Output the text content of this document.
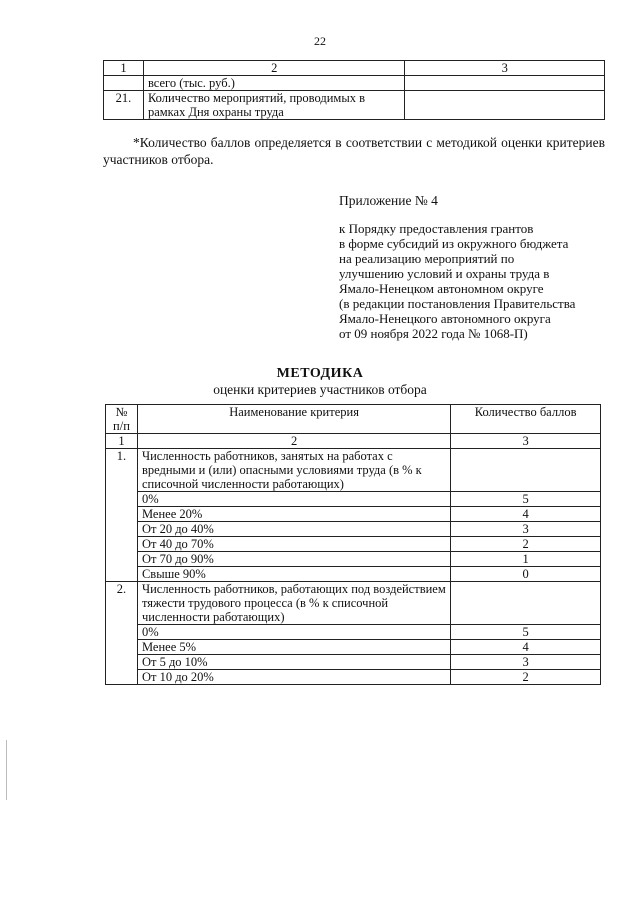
22
1	2	3
	всего (тыс. руб.)	
21.	Количество мероприятий, проводимых в рамках Дня охраны труда	
*Количество баллов определяется в соответствии с методикой оценки критериев участников отбора.
Приложение № 4
к Порядку предоставления грантов
в форме субсидий из окружного бюджета
на реализацию мероприятий по
улучшению условий и охраны труда в
Ямало-Ненецком автономном округе
(в редакции постановления Правительства
Ямало-Ненецкого автономного округа
от 09 ноября 2022 года № 1068-П)
МЕТОДИКА
оценки критериев участников отбора
№ п/п	Наименование критерия	Количество баллов
1	2	3
1.	Численность работников, занятых на работах с вредными и (или) опасными условиями труда (в % к списочной численности работающих)	
	0%	5
	Менее 20%	4
	От 20 до 40%	3
	От 40 до 70%	2
	От 70 до 90%	1
	Свыше 90%	0
2.	Численность работников, работающих под воздействием тяжести трудового процесса (в % к списочной численности работающих)	
	0%	5
	Менее 5%	4
	От 5 до 10%	3
	От 10 до 20%	2
